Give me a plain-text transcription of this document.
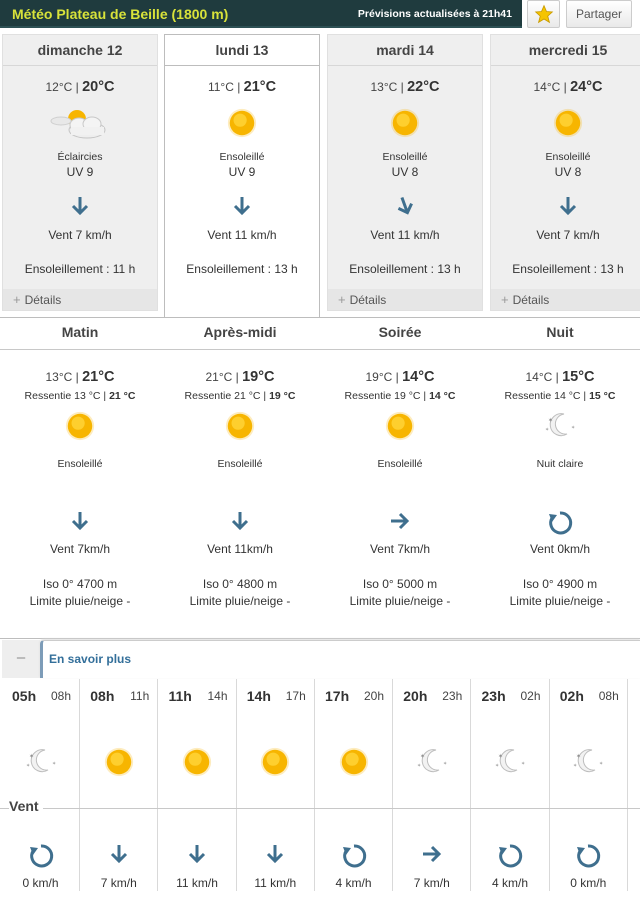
Météo Plateau de Beille (1800 m)	Prévisions actualisées à 21h41	Partager
dimanche 12
12°C | 20°C
Éclaircies
UV 9
Vent 7 km/h
Ensoleillement : 11 h
+ Détails
lundi 13
11°C | 21°C
Ensoleillé
UV 9
Vent 11 km/h
Ensoleillement : 13 h
mardi 14
13°C | 22°C
Ensoleillé
UV 8
Vent 11 km/h
Ensoleillement : 13 h
+ Détails
mercredi 15
14°C | 24°C
Ensoleillé
UV 8
Vent 7 km/h
Ensoleillement : 13 h
+ Détails
Matin
13°C | 21°C
Ressentie 13 °C | 21 °C
Ensoleillé
Vent 7km/h
Iso 0° 4700 m
Limite pluie/neige -
Après-midi
21°C | 19°C
Ressentie 21 °C | 19 °C
Ensoleillé
Vent 11km/h
Iso 0° 4800 m
Limite pluie/neige -
Soirée
19°C | 14°C
Ressentie 19 °C | 14 °C
Ensoleillé
Vent 7km/h
Iso 0° 5000 m
Limite pluie/neige -
Nuit
14°C | 15°C
Ressentie 14 °C | 15 °C
✶
✶	✶
Nuit claire
Vent 0km/h
Iso 0° 4900 m
Limite pluie/neige -
–	En savoir plus
05h 08h
✶
✶	✶
0 km/h
08h 11h
7 km/h
11h 14h
11 km/h
14h 17h
11 km/h
17h 20h
4 km/h
20h 23h
✶
✶	✶
7 km/h
23h 02h
✶
✶	✶
4 km/h
02h 08h
✶
✶	✶
0 km/h
Vent
